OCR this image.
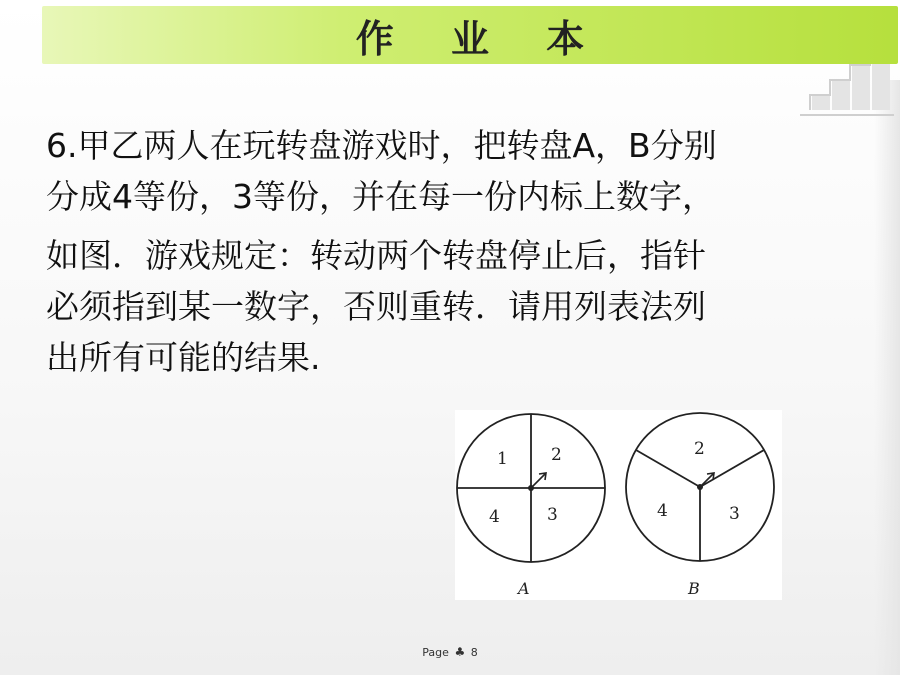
作 业 本
6.甲乙两人在玩转盘游戏时，把转盘A，B分别
分成4等份，3等份，并在每一份内标上数字，
如图．游戏规定：转动两个转盘停止后，指针
必须指到某一数字，否则重转．请用列表法列
出所有可能的结果.
1	2
4	3
A
2
4	3
B
Page ♣ 8
